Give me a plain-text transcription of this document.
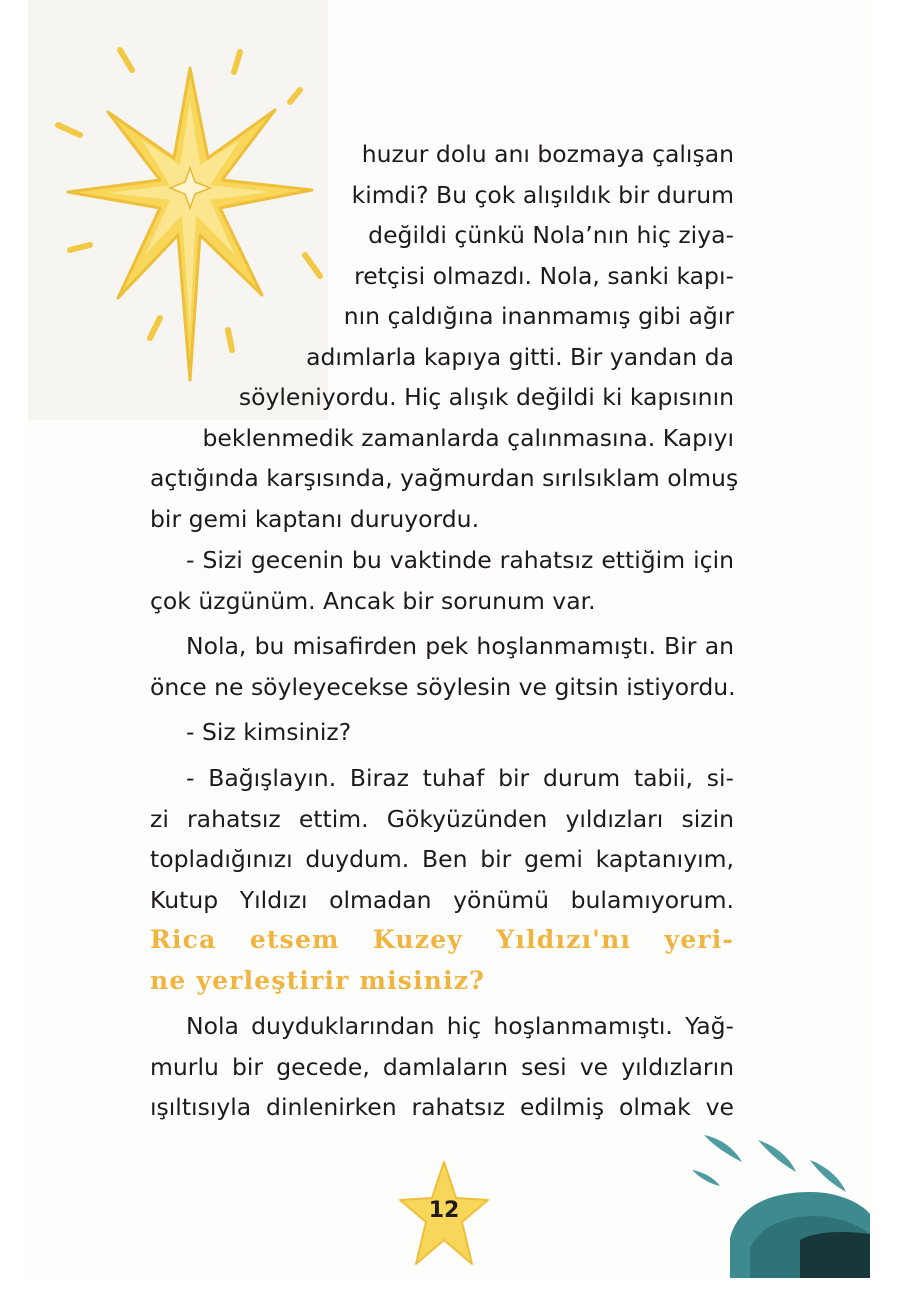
huzur dolu anı bozmaya çalışan
kimdi? Bu çok alışıldık bir durum
değildi çünkü Nola’nın hiç ziya-
retçisi olmazdı. Nola, sanki kapı-
nın çaldığına inanmamış gibi ağır
adımlarla kapıya gitti. Bir yandan da
söyleniyordu. Hiç alışık değildi ki kapısının
beklenmedik zamanlarda çalınmasına. Kapıyı
açtığında karşısında, yağmurdan sırılsıklam olmuş
bir gemi kaptanı duruyordu.
- Sizi gecenin bu vaktinde rahatsız ettiğim için
çok üzgünüm. Ancak bir sorunum var.
Nola, bu misafirden pek hoşlanmamıştı. Bir an
önce ne söyleyecekse söylesin ve gitsin istiyordu.
- Siz kimsiniz?
- Bağışlayın. Biraz tuhaf bir durum tabii, si-
zi rahatsız ettim. Gökyüzünden yıldızları sizin
topladığınızı duydum. Ben bir gemi kaptanıyım,
Kutup Yıldızı olmadan yönümü bulamıyorum.
Rica etsem Kuzey Yıldızı'nı yeri-
ne yerleştirir misiniz?
Nola duyduklarından hiç hoşlanmamıştı. Yağ-
murlu bir gecede, damlaların sesi ve yıldızların
ışıltısıyla dinlenirken rahatsız edilmiş olmak ve
12
